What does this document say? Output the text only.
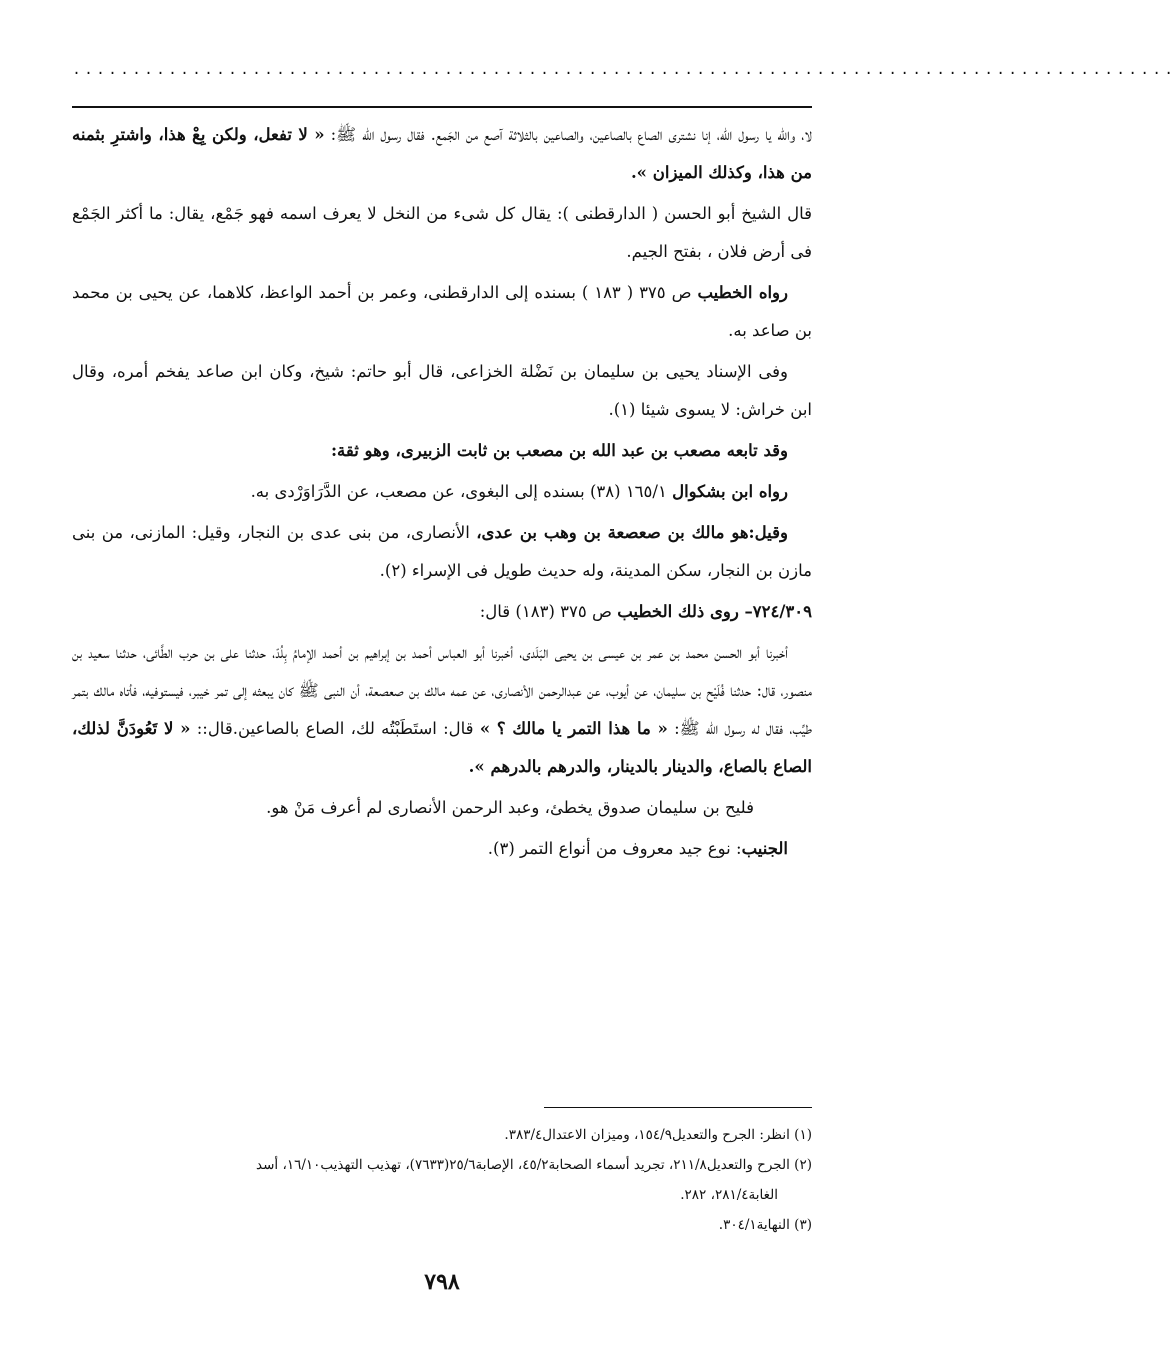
............................................................................................

لا، والله يا رسول الله، إنا نشترى الصاع بالصاعين، والصاعين بالثلاثة آصع من الجَمع. فقال رسول الله ﷺ: « لا تفعل، ولكن بِعْ هذا، واشترِ بثمنه من هذا، وكذلك الميزان ».

قال الشيخ أبو الحسن ( الدارقطنى ): يقال كل شىء من النخل لا يعرف اسمه فهو جَمْع، يقال: ما أكثر الجَمْع فى أرض فلان ، بفتح الجيم.

رواه الخطيب ص ٣٧٥ ( ١٨٣ ) بسنده إلى الدارقطنى، وعمر بن أحمد الواعظ، كلاهما، عن يحيى بن محمد بن صاعد به.

وفى الإسناد يحيى بن سليمان بن نَضْلة الخزاعى، قال أبو حاتم: شيخ، وكان ابن صاعد يفخم أمره، وقال ابن خراش: لا يسوى شيئا (١).

وقد تابعه مصعب بن عبد الله بن مصعب بن ثابت الزبيرى، وهو ثقة:

رواه ابن بشكوال ١٦٥/١ (٣٨) بسنده إلى البغوى، عن مصعب، عن الدَّرَاوَرْدى به.

وقيل:هو مالك بن صعصعة بن وهب بن عدى، الأنصارى، من بنى عدى بن النجار، وقيل: المازنى، من بنى مازن بن النجار، سكن المدينة، وله حديث طويل فى الإسراء (٢).

٧٢٤/٣٠٩– روى ذلك الخطيب ص ٣٧٥ (١٨٣) قال:

أخبرنا أبو الحسن محمد بن عمر بن عيسى بن يحيى البَلَدى، أخبرنا أبو العباس أحمد بن إبراهيم بن أحمد الإمامُ بِلُدّ، حدثنا على بن حرب الطَّائى، حدثنا سعيد بن منصور، قال: حدثنا فُلَيْح بن سليمان، عن أيوب، عن عبدالرحمن الأنصارى، عن عمه مالك بن صعصعة، أن النبى ﷺ كان يبعثه إلى تمر خيبر، فيستوفيه، فأتاه مالك بتمر طيِّب، فقال له رسول الله ﷺ: « ما هذا التمر يا مالك ؟ » قال: استَطَبْتُه لك، الصاع بالصاعين.قال:: « لا تَعُودَنَّ لذلك، الصاع بالصاع، والدينار بالدينار، والدرهم بالدرهم ».

فليح بن سليمان صدوق يخطئ، وعبد الرحمن الأنصارى لم أعرف مَنْ هو.

الجنيب: نوع جيد معروف من أنواع التمر (٣).

(١) انظر: الجرح والتعديل١٥٤/٩، وميزان الاعتدال٣٨٣/٤.

(٢) الجرح والتعديل٢١١/٨، تجريد أسماء الصحابة٤٥/٢، الإصابة٢٥/٦(٧٦٣٣)، تهذيب التهذيب١٦/١٠، أسد
الغابة٢٨١/٤، ٢٨٢.

(٣) النهاية٣٠٤/١.

٧٩٨
